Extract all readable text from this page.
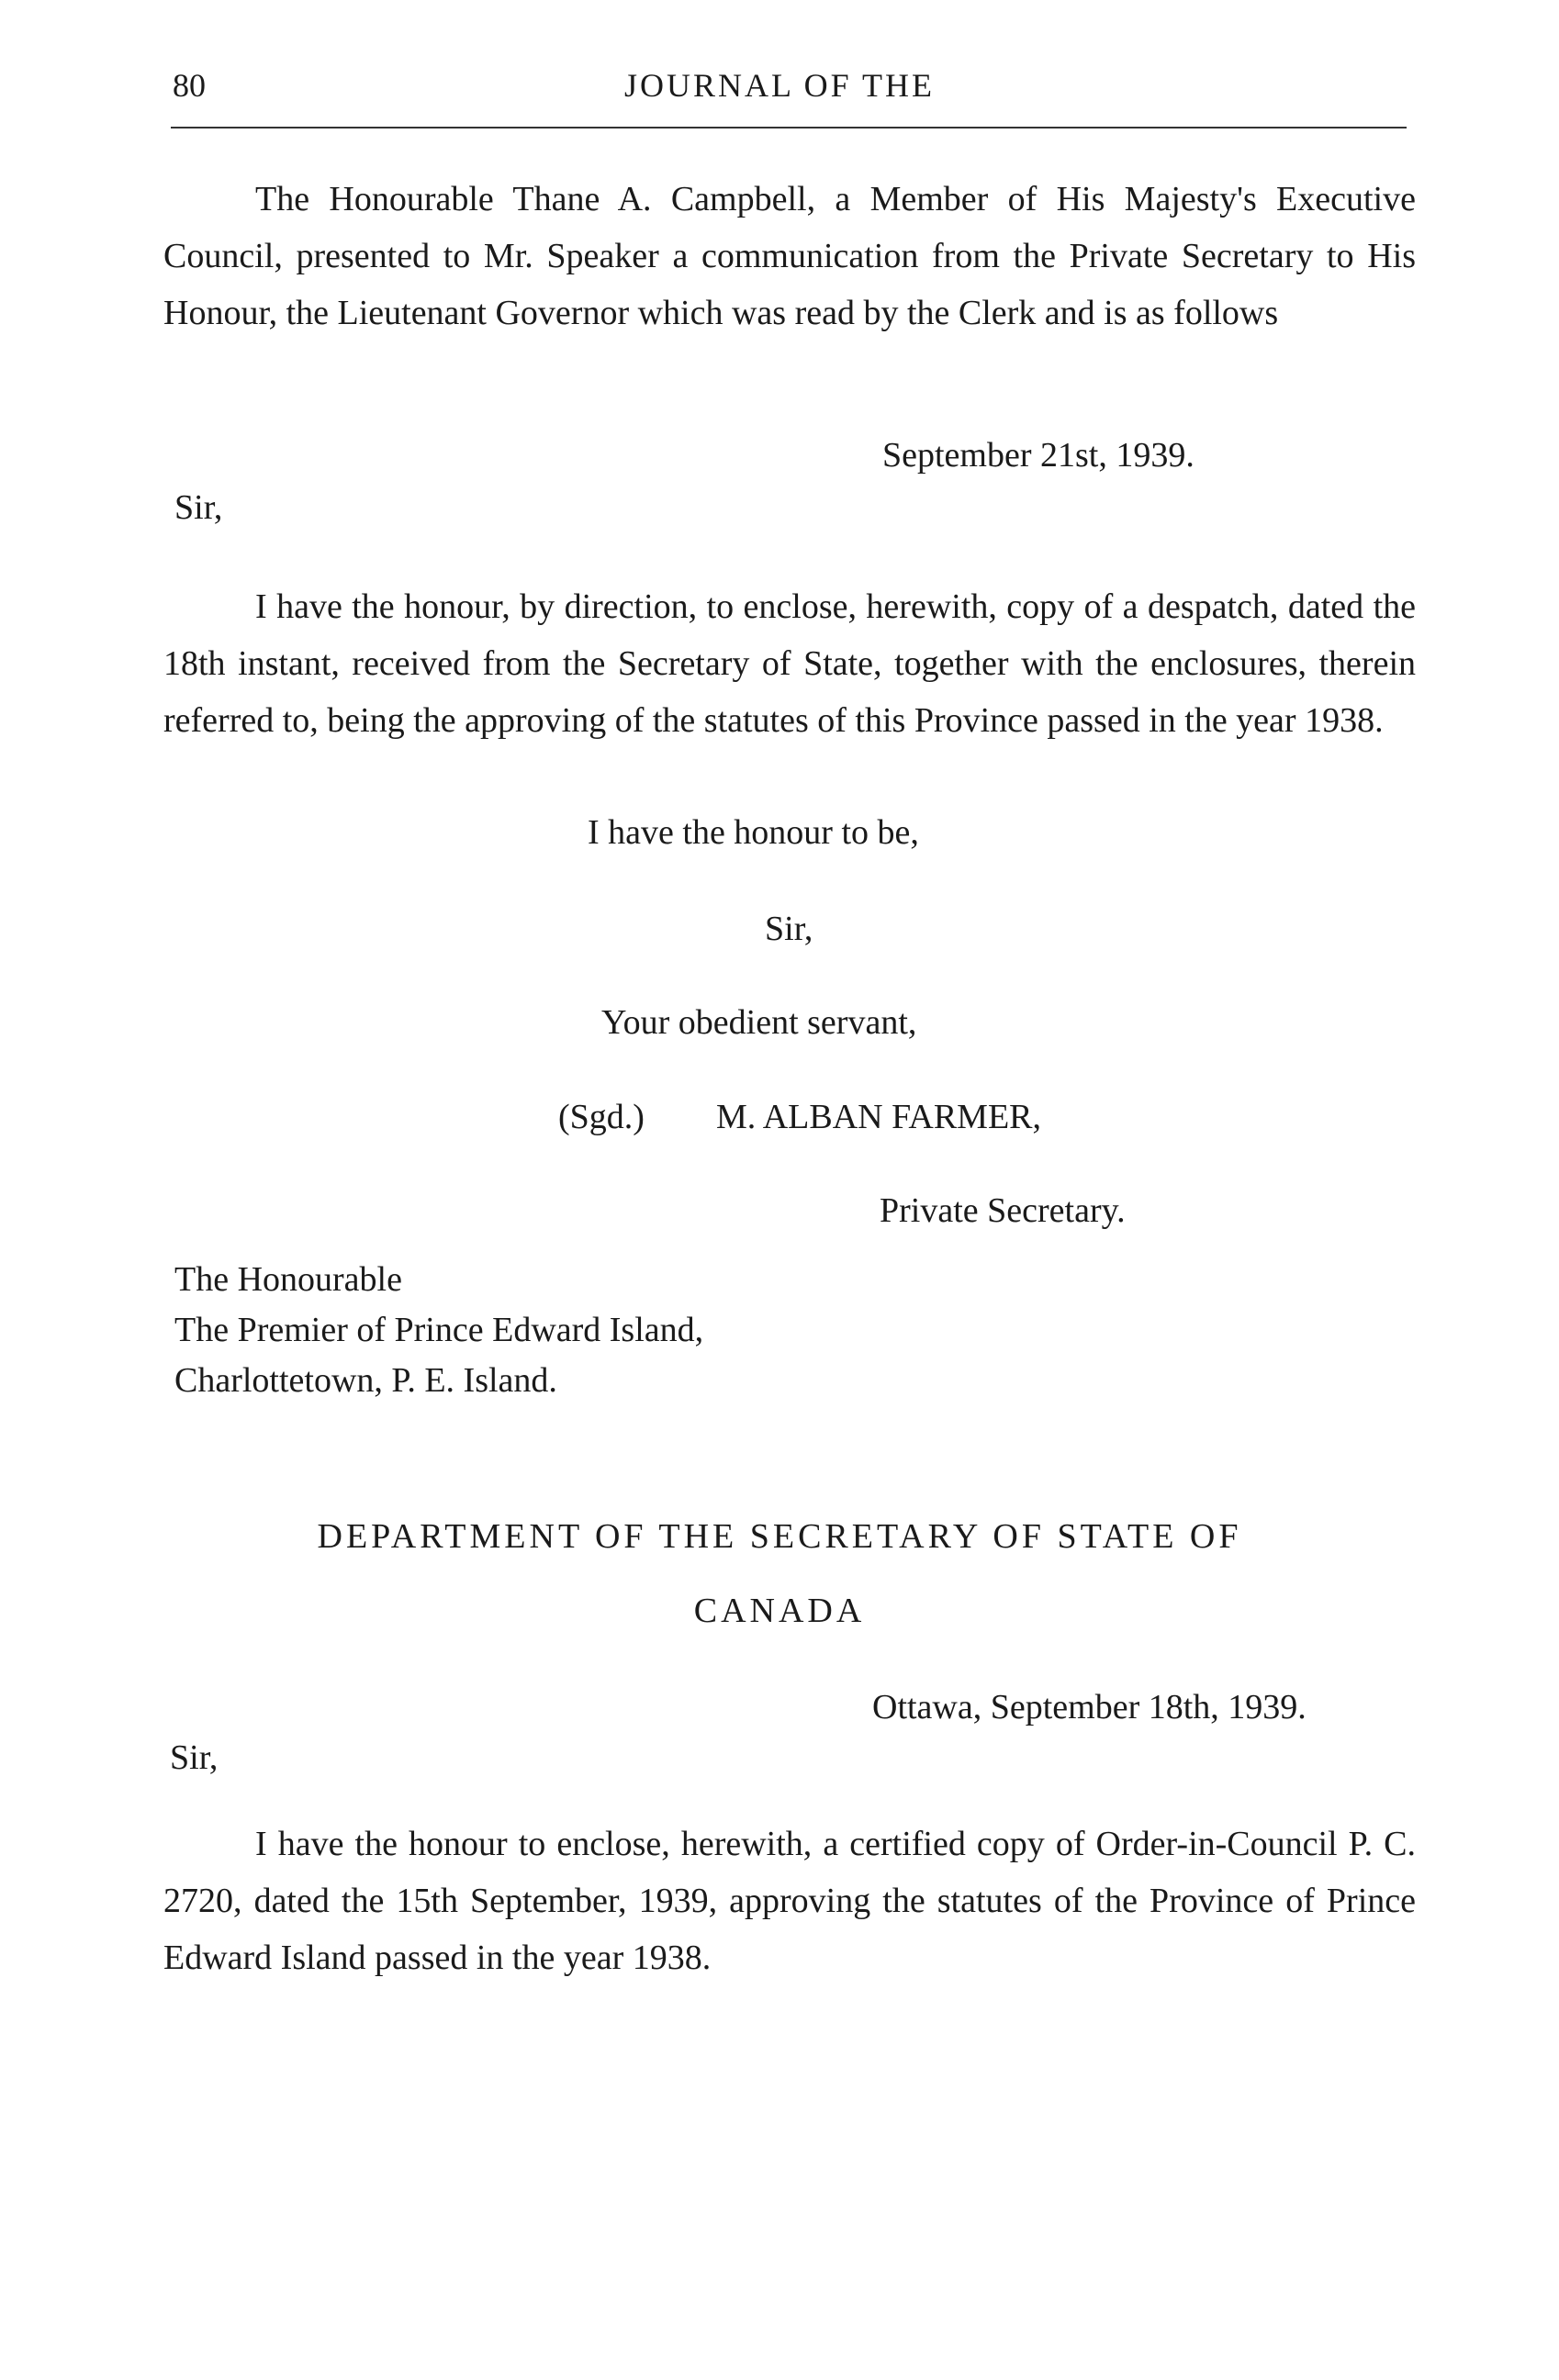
80	JOURNAL OF THE
The Honourable Thane A. Campbell, a Member of His Majesty's Executive Council, presented to Mr. Speaker a communication from the Private Secretary to His Honour, the Lieutenant Governor which was read by the Clerk and is as follows
September 21st, 1939.
Sir,
I have the honour, by direction, to enclose, herewith, copy of a despatch, dated the 18th instant, received from the Secretary of State, together with the enclosures, therein referred to, being the approving of the statutes of this Province passed in the year 1938.
I have the honour to be,
Sir,
Your obedient servant,
(Sgd.) M. ALBAN FARMER,
Private Secretary.
The Honourable
The Premier of Prince Edward Island,
Charlottetown, P. E. Island.
DEPARTMENT OF THE SECRETARY OF STATE OF
CANADA
Ottawa, September 18th, 1939.
Sir,
I have the honour to enclose, herewith, a certified copy of Order-in-Council P. C. 2720, dated the 15th September, 1939, approving the statutes of the Province of Prince Edward Island passed in the year 1938.
